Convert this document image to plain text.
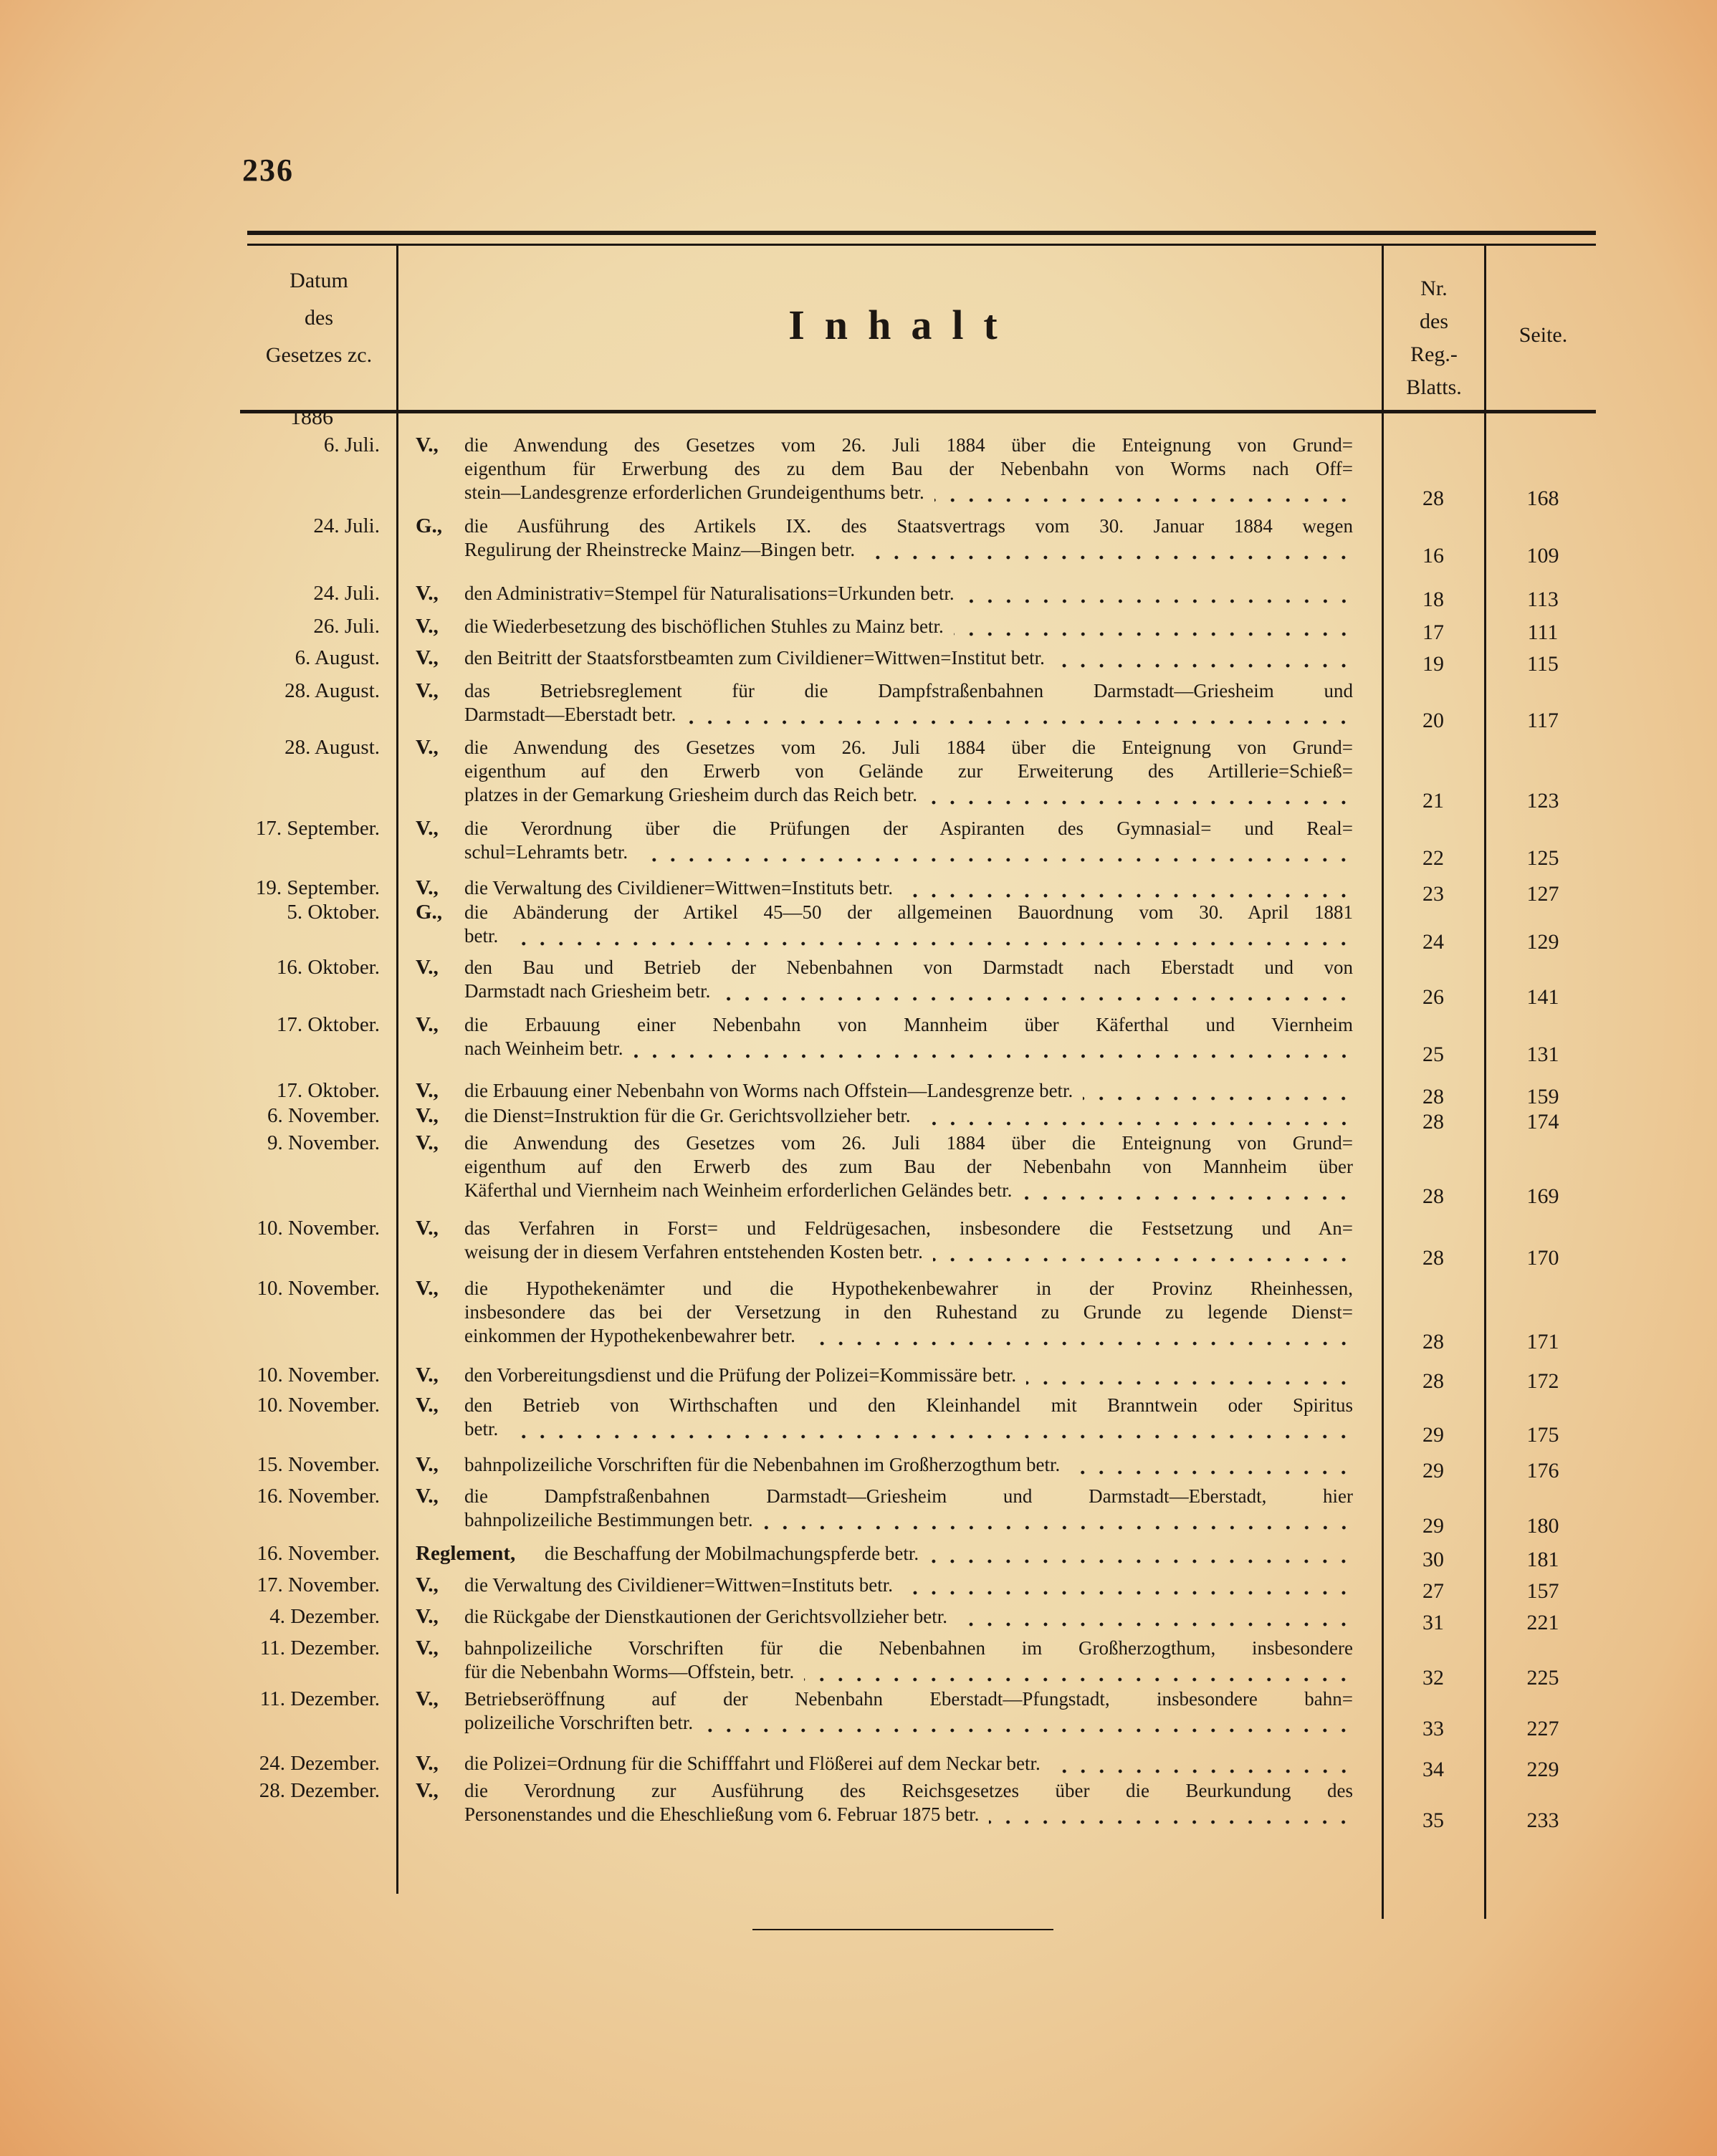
236
Datum
des
Gesetzes zc.
Inhalt
Nr.
des
Reg.-
Blatts.
Seite.
1886
6. Juli. V., die Anwendung des Gesetzes vom 26. Juli 1884 über die Enteignung von Grund=
eigenthum für Erwerbung des zu dem Bau der Nebenbahn von Worms nach Off=
stein—Landesgrenze erforderlichen Grundeigenthums betr.	28	168
24. Juli. G., die Ausführung des Artikels IX. des Staatsvertrags vom 30. Januar 1884 wegen
Regulirung der Rheinstrecke Mainz—Bingen betr.	16	109
24. Juli. V., den Administrativ=Stempel für Naturalisations=Urkunden betr.	18	113
26. Juli. V., die Wiederbesetzung des bischöflichen Stuhles zu Mainz betr.	17	111
6. August. V., den Beitritt der Staatsforstbeamten zum Civildiener=Wittwen=Institut betr.	19	115
28. August. V., das Betriebsreglement für die Dampfstraßenbahnen Darmstadt—Griesheim und
Darmstadt—Eberstadt betr.	20	117
28. August. V., die Anwendung des Gesetzes vom 26. Juli 1884 über die Enteignung von Grund=
eigenthum auf den Erwerb von Gelände zur Erweiterung des Artillerie=Schieß=
platzes in der Gemarkung Griesheim durch das Reich betr.	21	123
17. September. V., die Verordnung über die Prüfungen der Aspiranten des Gymnasial= und Real=
schul=Lehramts betr.	22	125
19. September. V., die Verwaltung des Civildiener=Wittwen=Instituts betr.	23	127
5. Oktober. G., die Abänderung der Artikel 45—50 der allgemeinen Bauordnung vom 30. April 1881
betr.	24	129
16. Oktober. V., den Bau und Betrieb der Nebenbahnen von Darmstadt nach Eberstadt und von
Darmstadt nach Griesheim betr.	26	141
17. Oktober. V., die Erbauung einer Nebenbahn von Mannheim über Käferthal und Viernheim
nach Weinheim betr.	25	131
17. Oktober. V., die Erbauung einer Nebenbahn von Worms nach Offstein—Landesgrenze betr.	28	159
6. November. V., die Dienst=Instruktion für die Gr. Gerichtsvollzieher betr.	28	174
9. November. V., die Anwendung des Gesetzes vom 26. Juli 1884 über die Enteignung von Grund=
eigenthum auf den Erwerb des zum Bau der Nebenbahn von Mannheim über
Käferthal und Viernheim nach Weinheim erforderlichen Geländes betr.	28	169
10. November. V., das Verfahren in Forst= und Feldrügesachen, insbesondere die Festsetzung und An=
weisung der in diesem Verfahren entstehenden Kosten betr.	28	170
10. November. V., die Hypothekenämter und die Hypothekenbewahrer in der Provinz Rheinhessen,
insbesondere das bei der Versetzung in den Ruhestand zu Grunde zu legende Dienst=
einkommen der Hypothekenbewahrer betr.	28	171
10. November. V., den Vorbereitungsdienst und die Prüfung der Polizei=Kommissäre betr.	28	172
10. November. V., den Betrieb von Wirthschaften und den Kleinhandel mit Branntwein oder Spiritus
betr.	29	175
15. November. V., bahnpolizeiliche Vorschriften für die Nebenbahnen im Großherzogthum betr.	29	176
16. November. V., die Dampfstraßenbahnen Darmstadt—Griesheim und Darmstadt—Eberstadt, hier
bahnpolizeiliche Bestimmungen betr.	29	180
16. November. Reglement, die Beschaffung der Mobilmachungspferde betr.	30	181
17. November. V., die Verwaltung des Civildiener=Wittwen=Instituts betr.	27	157
4. Dezember. V., die Rückgabe der Dienstkautionen der Gerichtsvollzieher betr.	31	221
11. Dezember. V., bahnpolizeiliche Vorschriften für die Nebenbahnen im Großherzogthum, insbesondere
für die Nebenbahn Worms—Offstein, betr.	32	225
11. Dezember. V., Betriebseröffnung auf der Nebenbahn Eberstadt—Pfungstadt, insbesondere bahn=
polizeiliche Vorschriften betr.	33	227
24. Dezember. V., die Polizei=Ordnung für die Schifffahrt und Flößerei auf dem Neckar betr.	34	229
28. Dezember. V., die Verordnung zur Ausführung des Reichsgesetzes über die Beurkundung des
Personenstandes und die Eheschließung vom 6. Februar 1875 betr.	35	233
